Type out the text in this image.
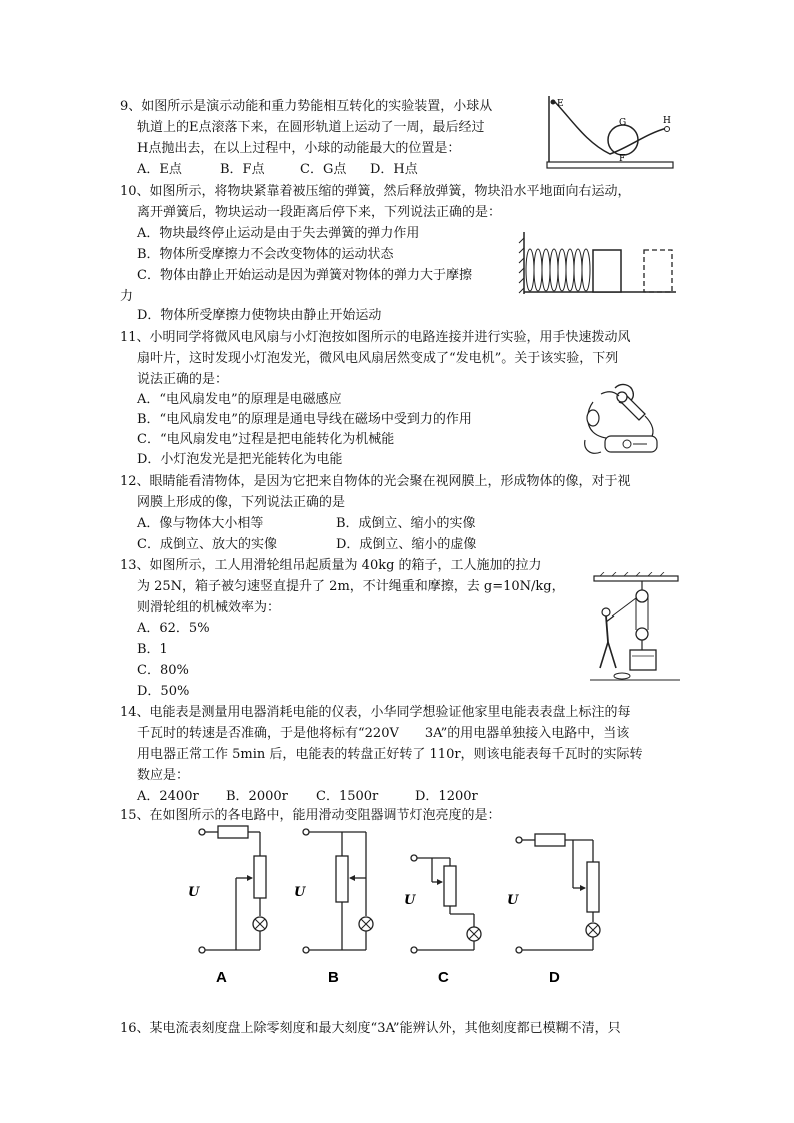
9、如图所示是演示动能和重力势能相互转化的实验装置，小球从
轨道上的E点滚落下来，在圆形轨道上运动了一周，最后经过
H点抛出去，在以上过程中，小球的动能最大的位置是：
A．E点	B．F点	C．G点 D．H点
E
G
F
H
10、如图所示，将物块紧靠着被压缩的弹簧，然后释放弹簧，物块沿水平地面向右运动，
离开弹簧后，物块运动一段距离后停下来，下列说法正确的是：
A．物块最终停止运动是由于失去弹簧的弹力作用
B．物体所受摩擦力不会改变物体的运动状态
C．物体由静止开始运动是因为弹簧对物体的弹力大于摩擦
力
D．物体所受摩擦力使物块由静止开始运动
11、小明同学将微风电风扇与小灯泡按如图所示的电路连接并进行实验，用手快速拨动风
扇叶片，这时发现小灯泡发光，微风电风扇居然变成了“发电机”。关于该实验，下列
说法正确的是：
A．“电风扇发电”的原理是电磁感应
B．“电风扇发电”的原理是通电导线在磁场中受到力的作用
C．“电风扇发电”过程是把电能转化为机械能
D．小灯泡发光是把光能转化为电能
12、眼睛能看清物体，是因为它把来自物体的光会聚在视网膜上，形成物体的像，对于视
网膜上形成的像，下列说法正确的是
A．像与物体大小相等	B．成倒立、缩小的实像
C．成倒立、放大的实像	D．成倒立、缩小的虚像
13、如图所示，工人用滑轮组吊起质量为 40kg 的箱子，工人施加的拉力
为 25N，箱子被匀速竖直提升了 2m，不计绳重和摩擦，去 g=10N/kg，
则滑轮组的机械效率为：
A．62．5%
B．1
C．80%
D．50%
14、电能表是测量用电器消耗电能的仪表，小华同学想验证他家里电能表表盘上标注的每
千瓦时的转速是否准确，于是他将标有“220V　　3A”的用电器单独接入电路中，当该
用电器正常工作 5min 后，电能表的转盘正好转了 110r，则该电能表每千瓦时的实际转
数应是：
A．2400r B．2000r C．1500r	D．1200r
15、在如图所示的各电路中，能用滑动变阻器调节灯泡亮度的是：
U
A
U
B
U
C
U
D
16、某电流表刻度盘上除零刻度和最大刻度“3A”能辨认外，其他刻度都已模糊不清，只
